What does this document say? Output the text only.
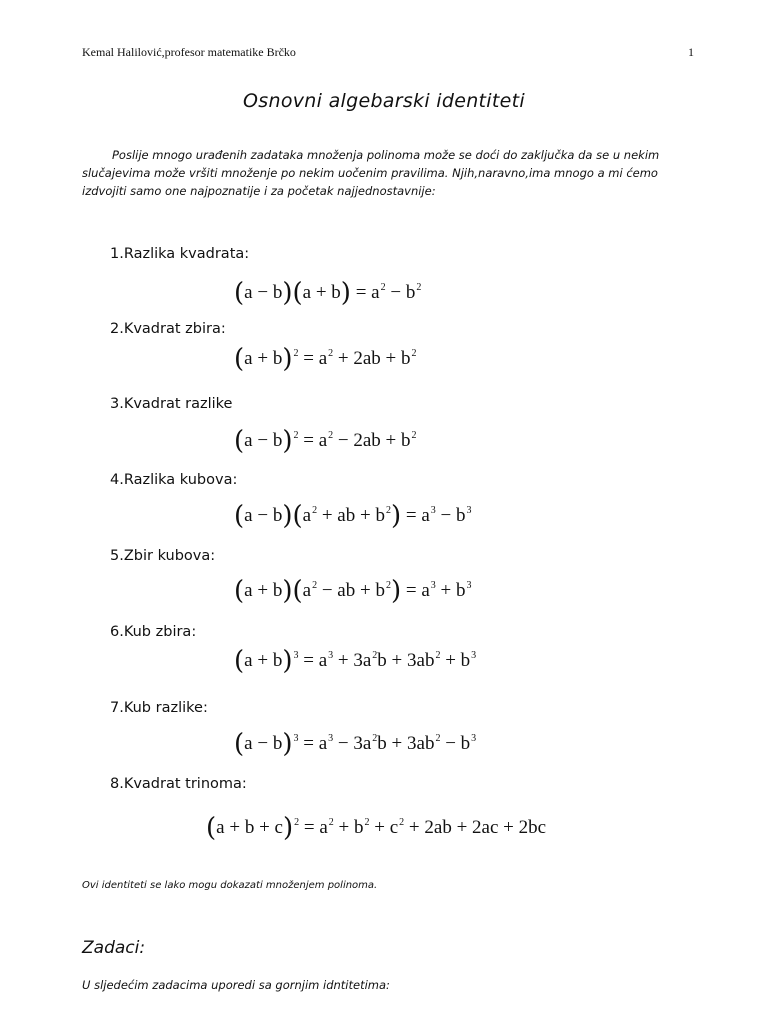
Kemal Halilović,profesor matematike Brčko	1
Osnovni algebarski identiteti

Poslije mnogo urađenih zadataka množenja polinoma može se doći do zaključka da se u nekim slučajevima može vršiti množenje po nekim uočenim pravilima. Njih,naravno,ima mnogo a mi ćemo izdvojiti samo one najpoznatije i za početak najjednostavnije:

1.Razlika kvadrata:
$(a - b)(a + b) = a^2 - b^2$
2.Kvadrat zbira:
$(a + b)^2 = a^2 + 2ab + b^2$
3.Kvadrat razlike
$(a - b)^2 = a^2 - 2ab + b^2$
4.Razlika kubova:
$(a - b)(a^2$ + ab + $b^2) = a^3 - b^3$
5.Zbir kubova:
$(a + b)(a^2$ − ab + $b^2) = a^3 + b^3$
6.Kub zbira:
$(a + b)^3 = a^3 + 3a^2b + 3ab^2 + b^3$
7.Kub razlike:
$(a - b)^3 = a^3 - 3a^2b + 3ab^2 - b^3$
8.Kvadrat trinoma:
$(a + b + c)^2 = a^2 + b^2 + c^2 + 2ab + 2ac + 2bc$
Ovi identiteti se lako mogu dokazati množenjem polinoma.
Zadaci:
U sljedećim zadacima uporedi sa gornjim idntitetima:
